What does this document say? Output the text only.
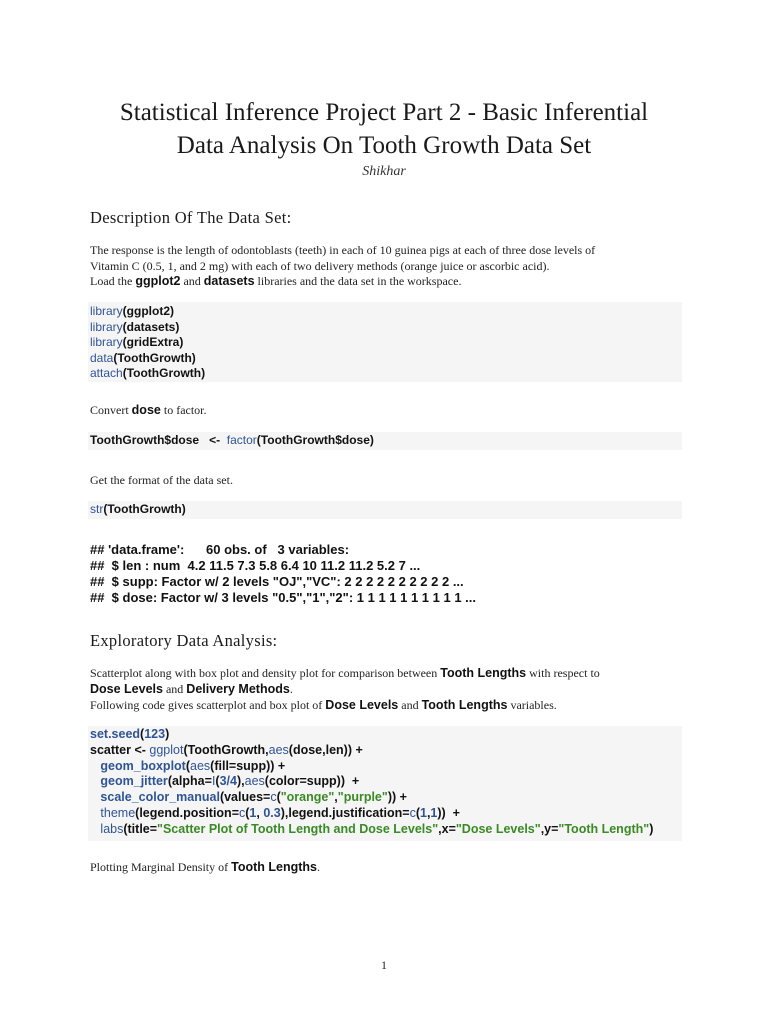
Statistical Inference Project Part 2 - Basic Inferential
Data Analysis On Tooth Growth Data Set
Shikhar
Description Of The Data Set:
The response is the length of odontoblasts (teeth) in each of 10 guinea pigs at each of three dose levels of
Vitamin C (0.5, 1, and 2 mg) with each of two delivery methods (orange juice or ascorbic acid).
Load the ggplot2 and datasets libraries and the data set in the workspace.
library(ggplot2)
library(datasets)
library(gridExtra)
data(ToothGrowth)
attach(ToothGrowth)
Convert dose to factor.
ToothGrowth$dose   <-  factor(ToothGrowth$dose)
Get the format of the data set.
str(ToothGrowth)
## 'data.frame':      60 obs. of   3 variables:
##  $ len : num  4.2 11.5 7.3 5.8 6.4 10 11.2 11.2 5.2 7 ...
##  $ supp: Factor w/ 2 levels "OJ","VC": 2 2 2 2 2 2 2 2 2 2 ...
##  $ dose: Factor w/ 3 levels "0.5","1","2": 1 1 1 1 1 1 1 1 1 1 ...
Exploratory Data Analysis:
Scatterplot along with box plot and density plot for comparison between Tooth Lengths with respect to
Dose Levels and Delivery Methods.
Following code gives scatterplot and box plot of Dose Levels and Tooth Lengths variables.
set.seed(123)
scatter <- ggplot(ToothGrowth,aes(dose,len)) +
geom_boxplot(aes(fill=supp)) +
geom_jitter(alpha=I(3/4),aes(color=supp))  +
scale_color_manual(values=c("orange","purple")) +
theme(legend.position=c(1, 0.3),legend.justification=c(1,1))  +
labs(title="Scatter Plot of Tooth Length and Dose Levels",x="Dose Levels",y="Tooth Length")
Plotting Marginal Density of Tooth Lengths.
1
